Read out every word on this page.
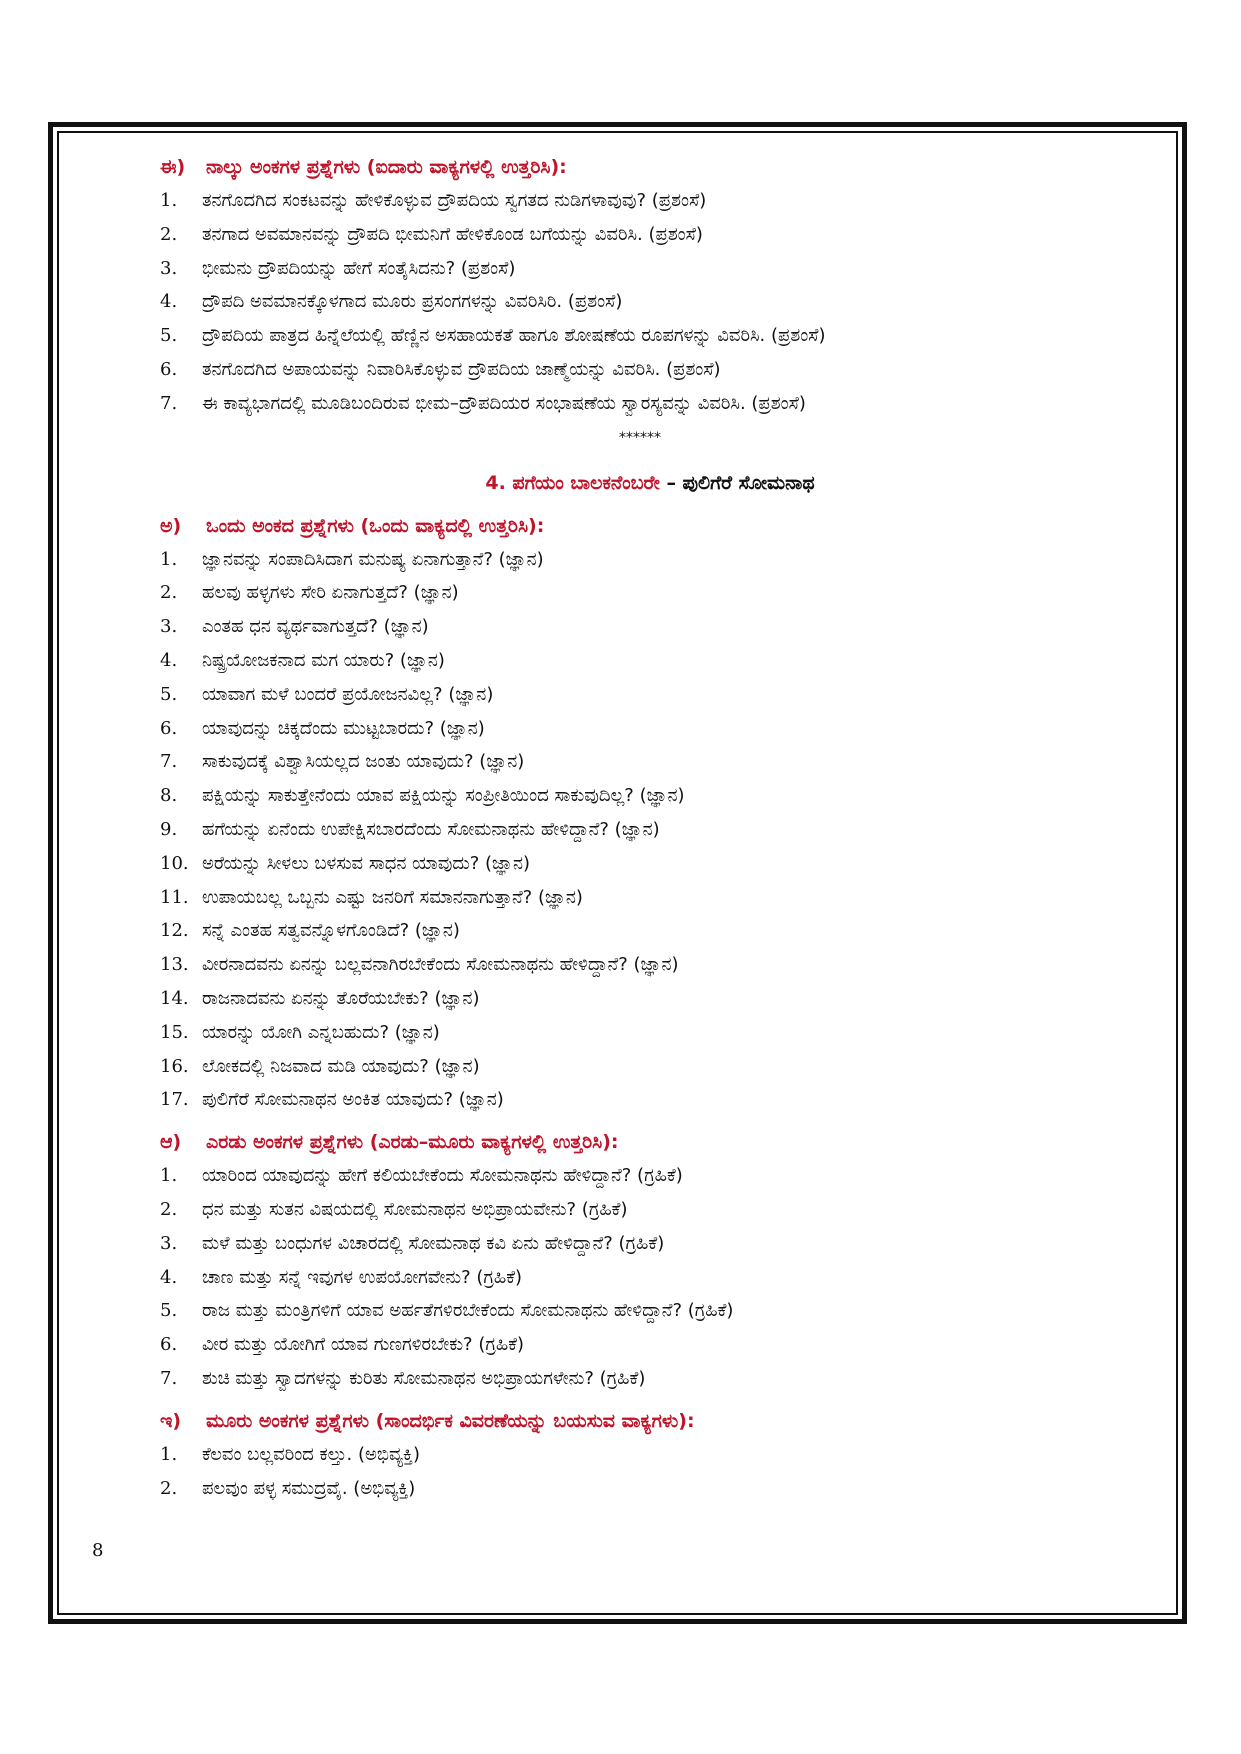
ಈ) ನಾಲ್ಕು ಅಂಕಗಳ ಪ್ರಶ್ನೆಗಳು (ಐದಾರು ವಾಕ್ಯಗಳಲ್ಲಿ ಉತ್ತರಿಸಿ):

1. ತನಗೊದಗಿದ ಸಂಕಟವನ್ನು ಹೇಳಿಕೊಳ್ಳುವ ದ್ರೌಪದಿಯ ಸ್ವಗತದ ನುಡಿಗಳಾವುವು? (ಪ್ರಶಂಸೆ)

2. ತನಗಾದ ಅವಮಾನವನ್ನು ದ್ರೌಪದಿ ಭೀಮನಿಗೆ ಹೇಳಿಕೊಂಡ ಬಗೆಯನ್ನು ವಿವರಿಸಿ. (ಪ್ರಶಂಸೆ)

3. ಭೀಮನು ದ್ರೌಪದಿಯನ್ನು ಹೇಗೆ ಸಂತೈಸಿದನು? (ಪ್ರಶಂಸೆ)

4. ದ್ರೌಪದಿ ಅವಮಾನಕ್ಕೊಳಗಾದ ಮೂರು ಪ್ರಸಂಗಗಳನ್ನು ವಿವರಿಸಿರಿ. (ಪ್ರಶಂಸೆ)

5. ದ್ರೌಪದಿಯ ಪಾತ್ರದ ಹಿನ್ನೆಲೆಯಲ್ಲಿ ಹೆಣ್ಣಿನ ಅಸಹಾಯಕತೆ ಹಾಗೂ ಶೋಷಣೆಯ ರೂಪಗಳನ್ನು ವಿವರಿಸಿ. (ಪ್ರಶಂಸೆ)

6. ತನಗೊದಗಿದ ಅಪಾಯವನ್ನು ನಿವಾರಿಸಿಕೊಳ್ಳುವ ದ್ರೌಪದಿಯ ಜಾಣ್ಮೆಯನ್ನು ವಿವರಿಸಿ. (ಪ್ರಶಂಸೆ)

7. ಈ ಕಾವ್ಯಭಾಗದಲ್ಲಿ ಮೂಡಿಬಂದಿರುವ ಭೀಮ–ದ್ರೌಪದಿಯರ ಸಂಭಾಷಣೆಯ ಸ್ವಾರಸ್ಯವನ್ನು ವಿವರಿಸಿ. (ಪ್ರಶಂಸೆ)

******

4. ಪಗೆಯಂ ಬಾಲಕನೆಂಬರೇ – ಪುಲಿಗೆರೆ ಸೋಮನಾಥ

ಅ) ಒಂದು ಅಂಕದ ಪ್ರಶ್ನೆಗಳು (ಒಂದು ವಾಕ್ಯದಲ್ಲಿ ಉತ್ತರಿಸಿ):

1. ಜ್ಞಾನವನ್ನು ಸಂಪಾದಿಸಿದಾಗ ಮನುಷ್ಯ ಏನಾಗುತ್ತಾನೆ? (ಜ್ಞಾನ)

2. ಹಲವು ಹಳ್ಳಗಳು ಸೇರಿ ಏನಾಗುತ್ತದೆ? (ಜ್ಞಾನ)

3. ಎಂತಹ ಧನ ವ್ಯರ್ಥವಾಗುತ್ತದೆ? (ಜ್ಞಾನ)

4. ನಿಷ್ಪ್ರಯೋಜಕನಾದ ಮಗ ಯಾರು? (ಜ್ಞಾನ)

5. ಯಾವಾಗ ಮಳೆ ಬಂದರೆ ಪ್ರಯೋಜನವಿಲ್ಲ? (ಜ್ಞಾನ)

6. ಯಾವುದನ್ನು ಚಿಕ್ಕದೆಂದು ಮುಟ್ಟಬಾರದು? (ಜ್ಞಾನ)

7. ಸಾಕುವುದಕ್ಕೆ ವಿಶ್ವಾಸಿಯಲ್ಲದ ಜಂತು ಯಾವುದು? (ಜ್ಞಾನ)

8. ಪಕ್ಷಿಯನ್ನು ಸಾಕುತ್ತೇನೆಂದು ಯಾವ ಪಕ್ಷಿಯನ್ನು ಸಂಪ್ರೀತಿಯಿಂದ ಸಾಕುವುದಿಲ್ಲ? (ಜ್ಞಾನ)

9. ಹಗೆಯನ್ನು ಏನೆಂದು ಉಪೇಕ್ಷಿಸಬಾರದೆಂದು ಸೋಮನಾಥನು ಹೇಳಿದ್ದಾನೆ? (ಜ್ಞಾನ)

10. ಅರೆಯನ್ನು ಸೀಳಲು ಬಳಸುವ ಸಾಧನ ಯಾವುದು? (ಜ್ಞಾನ)

11. ಉಪಾಯಬಲ್ಲ ಒಬ್ಬನು ಎಷ್ಟು ಜನರಿಗೆ ಸಮಾನನಾಗುತ್ತಾನೆ? (ಜ್ಞಾನ)

12. ಸನ್ನೆ ಎಂತಹ ಸತ್ವವನ್ನೊಳಗೊಂಡಿದೆ? (ಜ್ಞಾನ)

13. ವೀರನಾದವನು ಏನನ್ನು ಬಲ್ಲವನಾಗಿರಬೇಕೆಂದು ಸೋಮನಾಥನು ಹೇಳಿದ್ದಾನೆ? (ಜ್ಞಾನ)

14. ರಾಜನಾದವನು ಏನನ್ನು ತೊರೆಯಬೇಕು? (ಜ್ಞಾನ)

15. ಯಾರನ್ನು ಯೋಗಿ ಎನ್ನಬಹುದು? (ಜ್ಞಾನ)

16. ಲೋಕದಲ್ಲಿ ನಿಜವಾದ ಮಡಿ ಯಾವುದು? (ಜ್ಞಾನ)

17. ಪುಲಿಗೆರೆ ಸೋಮನಾಥನ ಅಂಕಿತ ಯಾವುದು? (ಜ್ಞಾನ)

ಆ) ಎರಡು ಅಂಕಗಳ ಪ್ರಶ್ನೆಗಳು (ಎರಡು–ಮೂರು ವಾಕ್ಯಗಳಲ್ಲಿ ಉತ್ತರಿಸಿ):

1. ಯಾರಿಂದ ಯಾವುದನ್ನು ಹೇಗೆ ಕಲಿಯಬೇಕೆಂದು ಸೋಮನಾಥನು ಹೇಳಿದ್ದಾನೆ? (ಗ್ರಹಿಕೆ)

2. ಧನ ಮತ್ತು ಸುತನ ವಿಷಯದಲ್ಲಿ ಸೋಮನಾಥನ ಅಭಿಪ್ರಾಯವೇನು? (ಗ್ರಹಿಕೆ)

3. ಮಳೆ ಮತ್ತು ಬಂಧುಗಳ ವಿಚಾರದಲ್ಲಿ ಸೋಮನಾಥ ಕವಿ ಏನು ಹೇಳಿದ್ದಾನೆ? (ಗ್ರಹಿಕೆ)

4. ಚಾಣ ಮತ್ತು ಸನ್ನೆ ಇವುಗಳ ಉಪಯೋಗವೇನು? (ಗ್ರಹಿಕೆ)

5. ರಾಜ ಮತ್ತು ಮಂತ್ರಿಗಳಿಗೆ ಯಾವ ಅರ್ಹತೆಗಳಿರಬೇಕೆಂದು ಸೋಮನಾಥನು ಹೇಳಿದ್ದಾನೆ? (ಗ್ರಹಿಕೆ)

6. ವೀರ ಮತ್ತು ಯೋಗಿಗೆ ಯಾವ ಗುಣಗಳಿರಬೇಕು? (ಗ್ರಹಿಕೆ)

7. ಶುಚಿ ಮತ್ತು ಸ್ವಾದಗಳನ್ನು ಕುರಿತು ಸೋಮನಾಥನ ಅಭಿಪ್ರಾಯಗಳೇನು? (ಗ್ರಹಿಕೆ)

ಇ) ಮೂರು ಅಂಕಗಳ ಪ್ರಶ್ನೆಗಳು (ಸಾಂದರ್ಭಿಕ ವಿವರಣೆಯನ್ನು ಬಯಸುವ ವಾಕ್ಯಗಳು):

1. ಕೆಲವಂ ಬಲ್ಲವರಿಂದ ಕಲ್ತು. (ಅಭಿವ್ಯಕ್ತಿ)

2. ಪಲವುಂ ಪಳ್ಳ ಸಮುದ್ರವೈ. (ಅಭಿವ್ಯಕ್ತಿ)

8
